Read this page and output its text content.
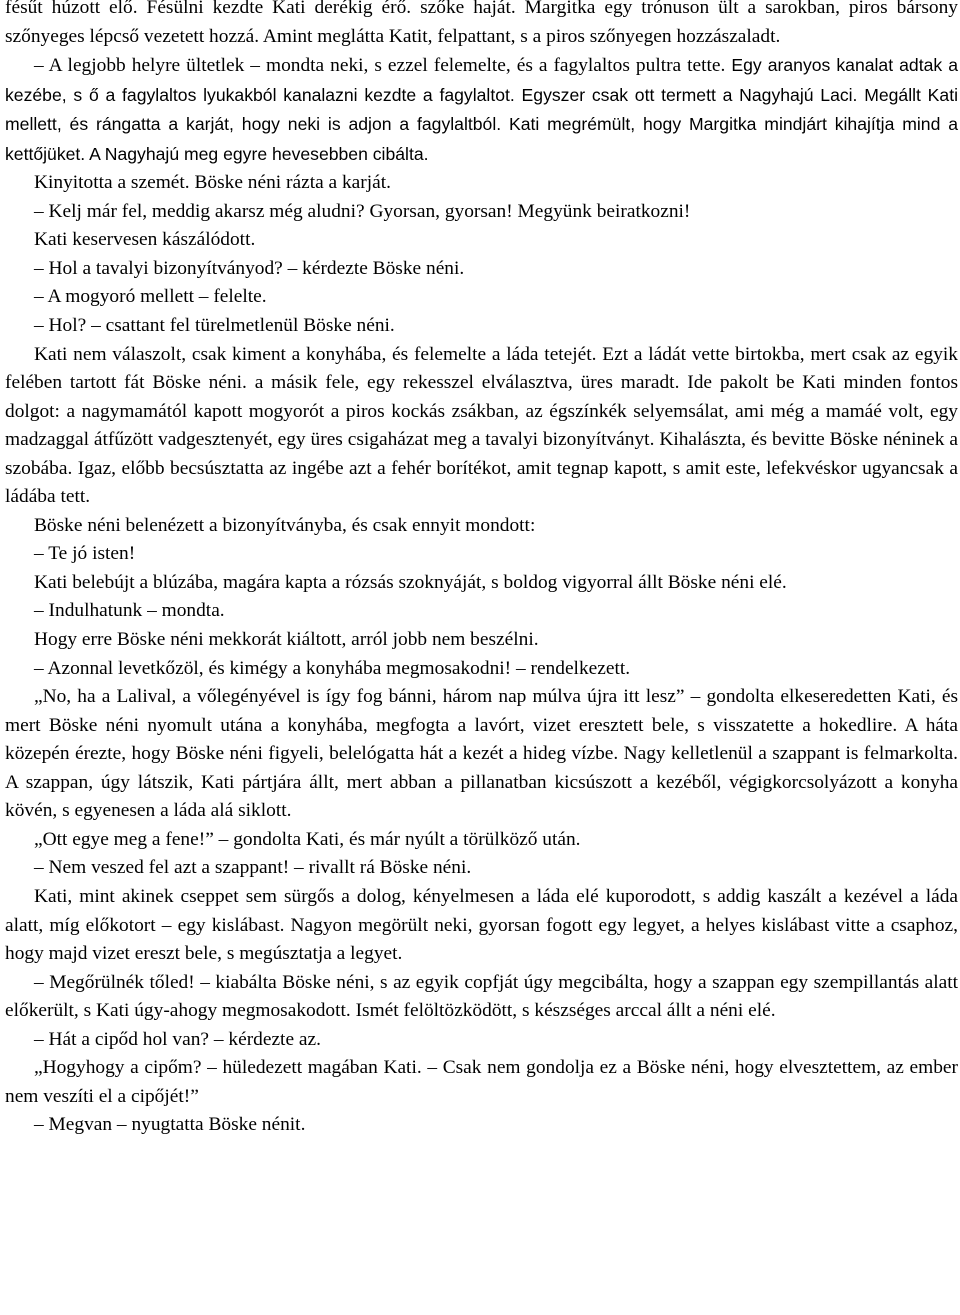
fésűt húzott elő. Fésülni kezdte Kati derékig érő. szőke haját. Margitka egy trónuson ült a sarokban, piros bársony szőnyeges lépcső vezetett hozzá. Amint meglátta Katit, felpattant, s a piros szőnyegen hozzászaladt.

– A legjobb helyre ültetlek – mondta neki, s ezzel felemelte, és a fagylaltos pultra tette. Egy aranyos kanalat adtak a kezébe, s ő a fagylaltos lyukakból kanalazni kezdte a fagylaltot. Egyszer csak ott termett a Nagyhajú Laci. Megállt Kati mellett, és rángatta a karját, hogy neki is adjon a fagylaltból. Kati megrémült, hogy Margitka mindjárt kihajítja mind a kettőjüket. A Nagyhajú meg egyre hevesebben cibálta.

Kinyitotta a szemét. Böske néni rázta a karját.

– Kelj már fel, meddig akarsz még aludni? Gyorsan, gyorsan! Megyünk beiratkozni!

Kati keservesen kászálódott.

– Hol a tavalyi bizonyítványod? – kérdezte Böske néni.

– A mogyoró mellett – felelte.

– Hol? – csattant fel türelmetlenül Böske néni.

Kati nem válaszolt, csak kiment a konyhába, és felemelte a láda tetejét. Ezt a ládát vette birtokba, mert csak az egyik felében tartott fát Böske néni. a másik fele, egy rekesszel elválasztva, üres maradt. Ide pakolt be Kati minden fontos dolgot: a nagymamától kapott mogyorót a piros kockás zsákban, az égszínkék selyemsálat, ami még a mamáé volt, egy madzaggal átfűzött vadgesztenyét, egy üres csigaházat meg a tavalyi bizonyítványt. Kihalászta, és bevitte Böske néninek a szobába. Igaz, előbb becsúsztatta az ingébe azt a fehér borítékot, amit tegnap kapott, s amit este, lefekvéskor ugyancsak a ládába tett.

Böske néni belenézett a bizonyítványba, és csak ennyit mondott:

– Te jó isten!

Kati belebújt a blúzába, magára kapta a rózsás szoknyáját, s boldog vigyorral állt Böske néni elé.

– Indulhatunk – mondta.

Hogy erre Böske néni mekkorát kiáltott, arról jobb nem beszélni.

– Azonnal levetkőzöl, és kimégy a konyhába megmosakodni! – rendelkezett.

„No, ha a Lalival, a vőlegényével is így fog bánni, három nap múlva újra itt lesz” – gondolta elkeseredetten Kati, és mert Böske néni nyomult utána a konyhába, megfogta a lavórt, vizet eresztett bele, s visszatette a hokedlire. A háta közepén érezte, hogy Böske néni figyeli, belelógatta hát a kezét a hideg vízbe. Nagy kelletlenül a szappant is felmarkolta. A szappan, úgy látszik, Kati pártjára állt, mert abban a pillanatban kicsúszott a kezéből, végigkorcsolyázott a konyha kövén, s egyenesen a láda alá siklott.

„Ott egye meg a fene!” – gondolta Kati, és már nyúlt a törülköző után.

– Nem veszed fel azt a szappant! – rivallt rá Böske néni.

Kati, mint akinek cseppet sem sürgős a dolog, kényelmesen a láda elé kuporodott, s addig kaszált a kezével a láda alatt, míg előkotort – egy kislábast. Nagyon megörült neki, gyorsan fogott egy legyet, a helyes kislábast vitte a csaphoz, hogy majd vizet ereszt bele, s megúsztatja a legyet.

– Megőrülnék tőled! – kiabálta Böske néni, s az egyik copfját úgy megcibálta, hogy a szappan egy szempillantás alatt előkerült, s Kati úgy-ahogy megmosakodott. Ismét felöltözködött, s készséges arccal állt a néni elé.

– Hát a cipőd hol van? – kérdezte az.

„Hogyhogy a cipőm? – hüledezett magában Kati. – Csak nem gondolja ez a Böske néni, hogy elvesztettem, az ember nem veszíti el a cipőjét!”

– Megvan – nyugtatta Böske nénit.
